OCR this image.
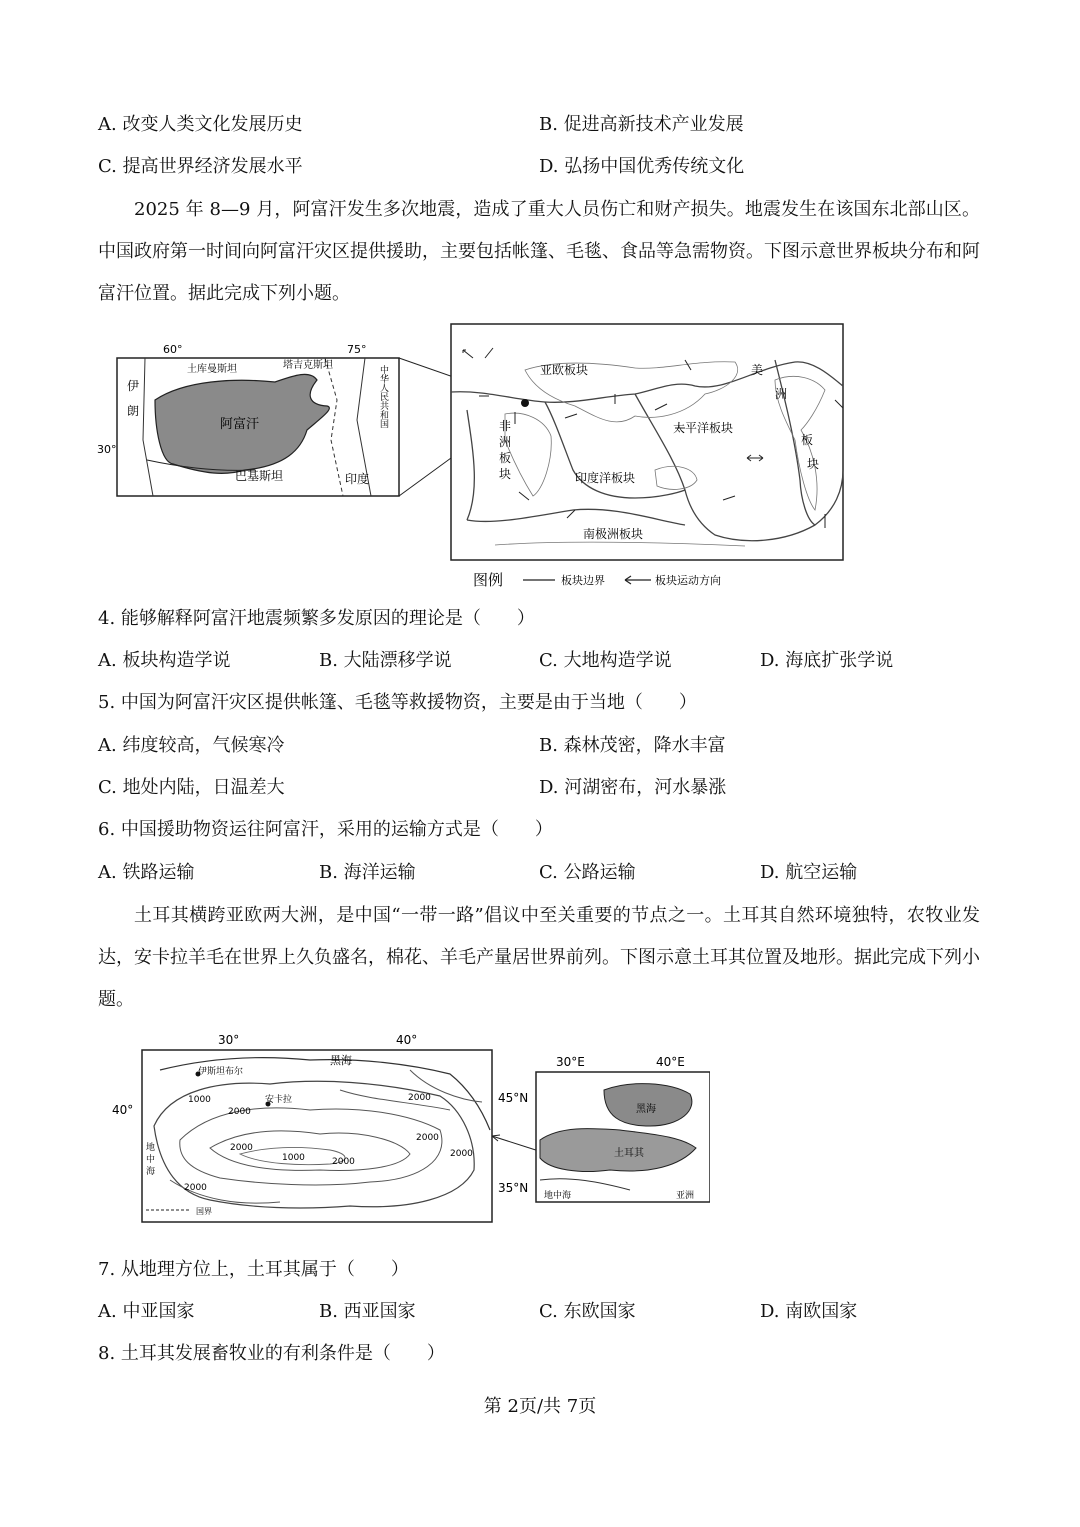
A. 改变人类文化发展历史	B. 促进高新技术产业发展
C. 提高世界经济发展水平	D. 弘扬中国优秀传统文化
2025 年 8—9 月，阿富汗发生多次地震，造成了重大人员伤亡和财产损失。地震发生在该国东北部山区。中国政府第一时间向阿富汗灾区提供援助，主要包括帐篷、毛毯、食品等急需物资。下图示意世界板块分布和阿富汗位置。据此完成下列小题。
60°	75°
30°
阿富汗
土库曼斯坦	塔吉克斯坦
伊
朗
巴基斯坦	印度
中华人民共和国	亚欧板块
太平洋板块
印度洋板块
南极洲板块
非
洲
板
块
美
洲
板
块
图例	板块边界	板块运动方向
4. 能够解释阿富汗地震频繁多发原因的理论是（　　）
A. 板块构造学说	B. 大陆漂移学说	C. 大地构造学说	D. 海底扩张学说
5. 中国为阿富汗灾区提供帐篷、毛毯等救援物资，主要是由于当地（　　）
A. 纬度较高，气候寒冷	B. 森林茂密，降水丰富
C. 地处内陆，日温差大	D. 河湖密布，河水暴涨
6. 中国援助物资运往阿富汗，采用的运输方式是（　　）
A. 铁路运输	B. 海洋运输	C. 公路运输	D. 航空运输
土耳其横跨亚欧两大洲，是中国“一带一路”倡议中至关重要的节点之一。土耳其自然环境独特，农牧业发达，安卡拉羊毛在世界上久负盛名，棉花、羊毛产量居世界前列。下图示意土耳其位置及地形。据此完成下列小题。
30°	40°
40°
黑海
伊斯坦布尔
安卡拉
地
中
海
1000
2000
2000
2000
1000	2000
2000
2000
2000
国界
30°E	40°E
45°N
35°N
黑海
土耳其
地中海	亚洲
7. 从地理方位上，土耳其属于（　　）
A. 中亚国家	B. 西亚国家	C. 东欧国家	D. 南欧国家
8. 土耳其发展畜牧业的有利条件是（　　）
第 2页/共 7页
